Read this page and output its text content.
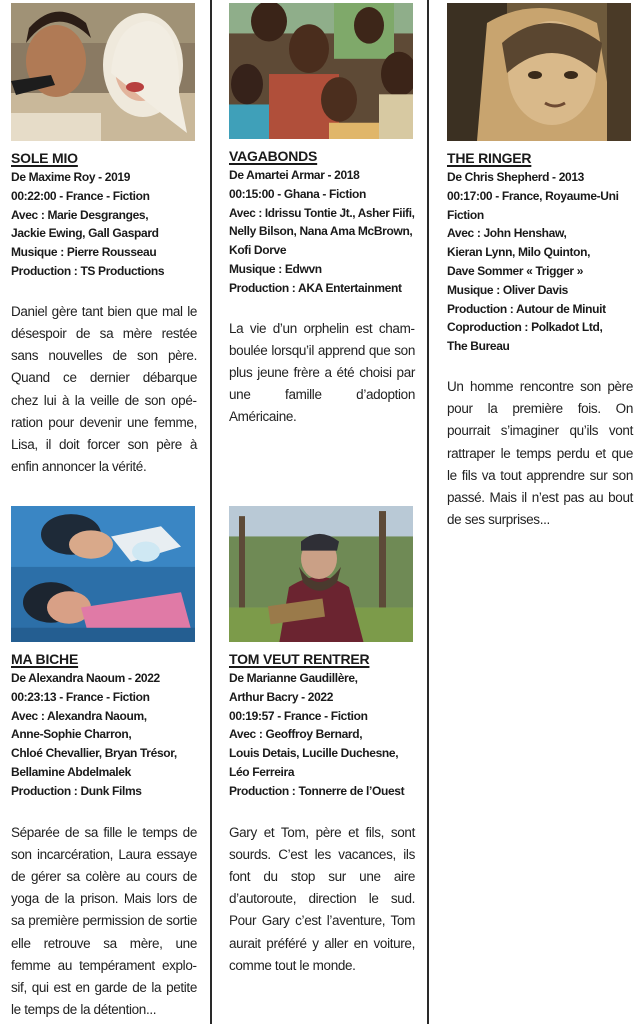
SOLE MIO
De Maxime Roy - 2019
00:22:00 - France - Fiction
Avec : Marie Desgranges,
Jackie Ewing, Gall Gaspard
Musique : Pierre Rousseau
Production : TS Productions

Daniel gère tant bien que mal le désespoir de sa mère restée sans nouvelles de son père. Quand ce dernier débarque chez lui à la veille de son opération pour devenir une femme, Lisa, il doit forcer son père à enfin annoncer la vérité.

VAGABONDS
De Amartei Armar - 2018
00:15:00 - Ghana - Fiction
Avec : Idrissu Tontie Jt., Asher Fiifi,
Nelly Bilson, Nana Ama McBrown,
Kofi Dorve
Musique : Edwvn
Production : AKA Entertainment

La vie d’un orphelin est chamboulée lorsqu’il apprend que son plus jeune frère a été choisi par une famille d’adoption Américaine.

THE RINGER
De Chris Shepherd - 2013
00:17:00 - France, Royaume-Uni
Fiction
Avec : John Henshaw,
Kieran Lynn, Milo Quinton,
Dave Sommer « Trigger »
Musique : Oliver Davis
Production : Autour de Minuit
Coproduction : Polkadot Ltd,
The Bureau

Un homme rencontre son père pour la première fois. On pourrait s’imaginer qu’ils vont rattraper le temps perdu et que le fils va tout apprendre sur son passé. Mais il n’est pas au bout de ses surprises...

MA BICHE
De Alexandra Naoum - 2022
00:23:13 - France - Fiction
Avec : Alexandra Naoum,
Anne-Sophie Charron,
Chloé Chevallier, Bryan Trésor,
Bellamine Abdelmalek
Production : Dunk Films

Séparée de sa fille le temps de son incarcération, Laura essaye de gérer sa colère au cours de yoga de la prison. Mais lors de sa première permission de sortie elle retrouve sa mère, une femme au tempérament explosif, qui est en garde de la petite le temps de la détention...

TOM VEUT RENTRER
De Marianne Gaudillère,
Arthur Bacry - 2022
00:19:57 - France - Fiction
Avec : Geoffroy Bernard,
Louis Detais, Lucille Duchesne,
Léo Ferreira
Production : Tonnerre de l’Ouest

Gary et Tom, père et fils, sont sourds. C’est les vacances, ils font du stop sur une aire d’autoroute, direction le sud. Pour Gary c’est l’aventure, Tom aurait préféré y aller en voiture, comme tout le monde.
